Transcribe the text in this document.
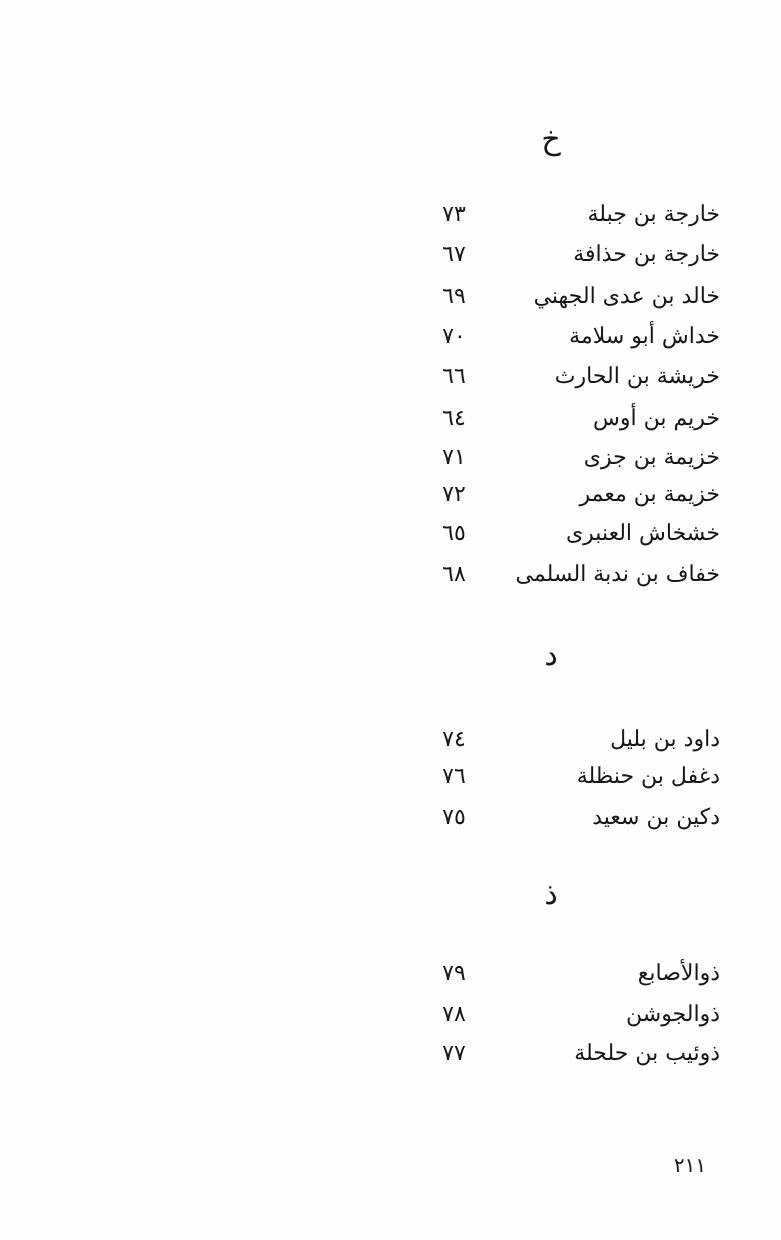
خ
خارجة بن جبلة
٧٣
خارجة بن حذافة
٦٧
خالد بن عدى الجهني
٦٩
خداش أبو سلامة
٧٠
خريشة بن الحارث
٦٦
خريم بن أوس
٦٤
خزيمة بن جزى
٧١
خزيمة بن معمر
٧٢
خشخاش العنبرى
٦٥
خفاف بن ندبة السلمى
٦٨
د
داود بن بليل
٧٤
دغفل بن حنظلة
٧٦
دكين بن سعيد
٧٥
ذ
ذوالأصابع
٧٩
ذوالجوشن
٧٨
ذوئيب بن حلحلة
٧٧
٢١١
